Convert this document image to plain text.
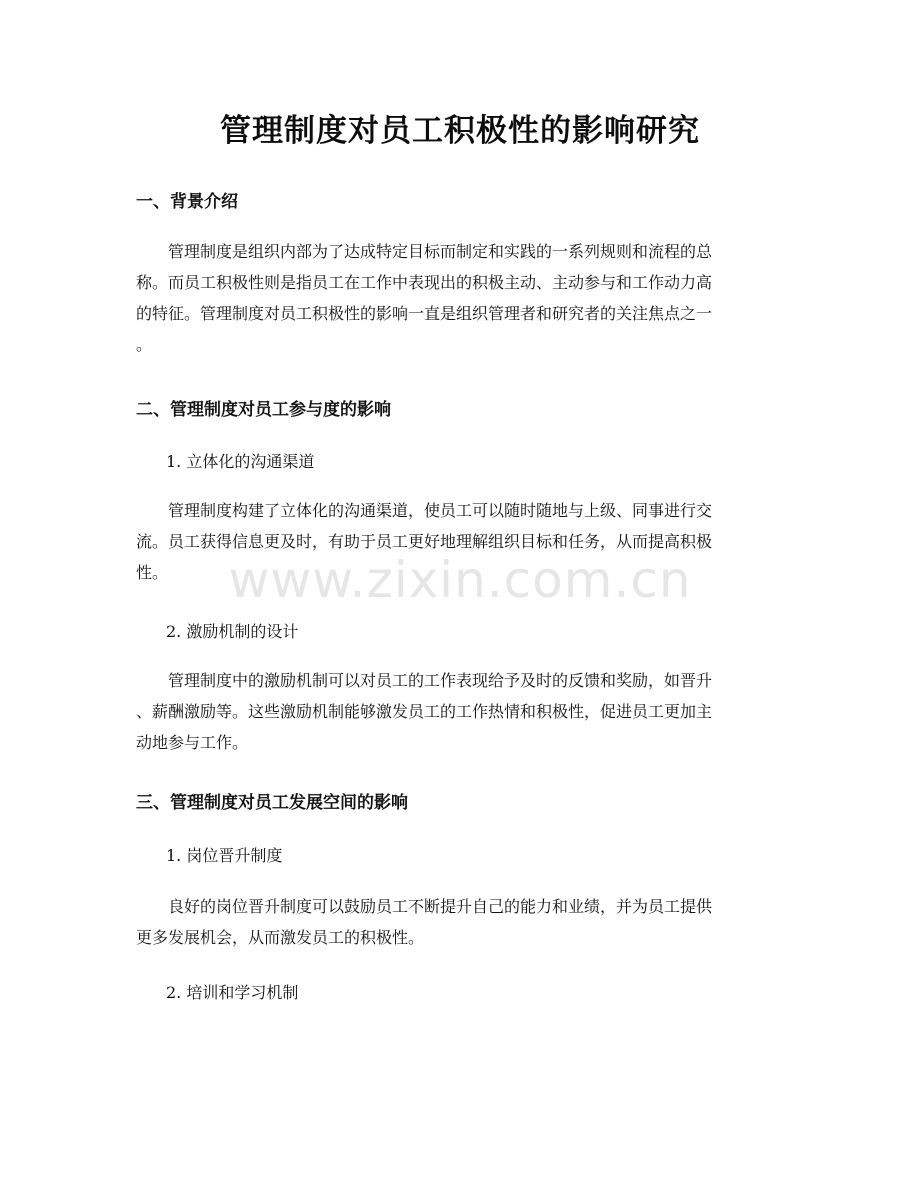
管理制度对员工积极性的影响研究
一、背景介绍
管理制度是组织内部为了达成特定目标而制定和实践的一系列规则和流程的总
称。而员工积极性则是指员工在工作中表现出的积极主动、主动参与和工作动力高
的特征。管理制度对员工积极性的影响一直是组织管理者和研究者的关注焦点之一
。
二、管理制度对员工参与度的影响
1. 立体化的沟通渠道
管理制度构建了立体化的沟通渠道，使员工可以随时随地与上级、同事进行交
流。员工获得信息更及时，有助于员工更好地理解组织目标和任务，从而提高积极
性。
2. 激励机制的设计
管理制度中的激励机制可以对员工的工作表现给予及时的反馈和奖励，如晋升
、薪酬激励等。这些激励机制能够激发员工的工作热情和积极性，促进员工更加主
动地参与工作。
三、管理制度对员工发展空间的影响
1. 岗位晋升制度
良好的岗位晋升制度可以鼓励员工不断提升自己的能力和业绩，并为员工提供
更多发展机会，从而激发员工的积极性。
2. 培训和学习机制
www.zixin.com.cn
